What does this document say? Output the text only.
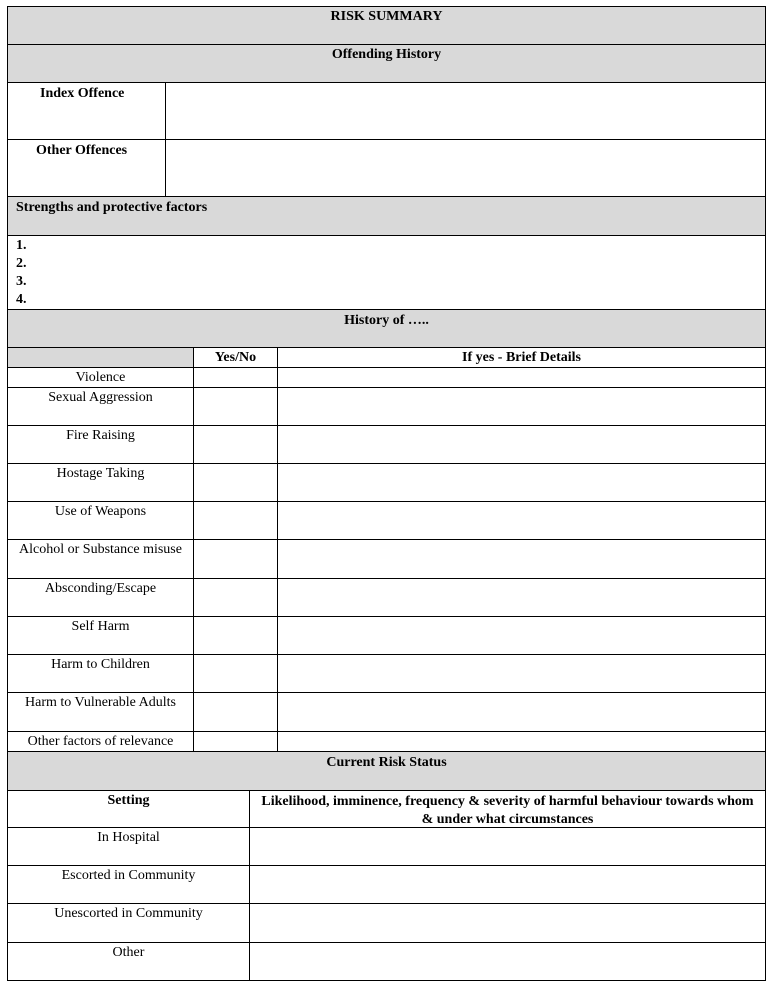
RISK SUMMARY
Offending History
Index Offence
Other Offences
Strengths and protective factors
1.
2.
3.
4.
History of …..
Yes/No	If yes - Brief Details
Violence
Sexual Aggression
Fire Raising
Hostage Taking
Use of Weapons
Alcohol or Substance misuse
Absconding/Escape
Self Harm
Harm to Children
Harm to Vulnerable Adults
Other factors of relevance
Current Risk Status
Setting	Likelihood, imminence, frequency & severity of harmful behaviour towards whom & under what circumstances
In Hospital
Escorted in Community
Unescorted in Community
Other
